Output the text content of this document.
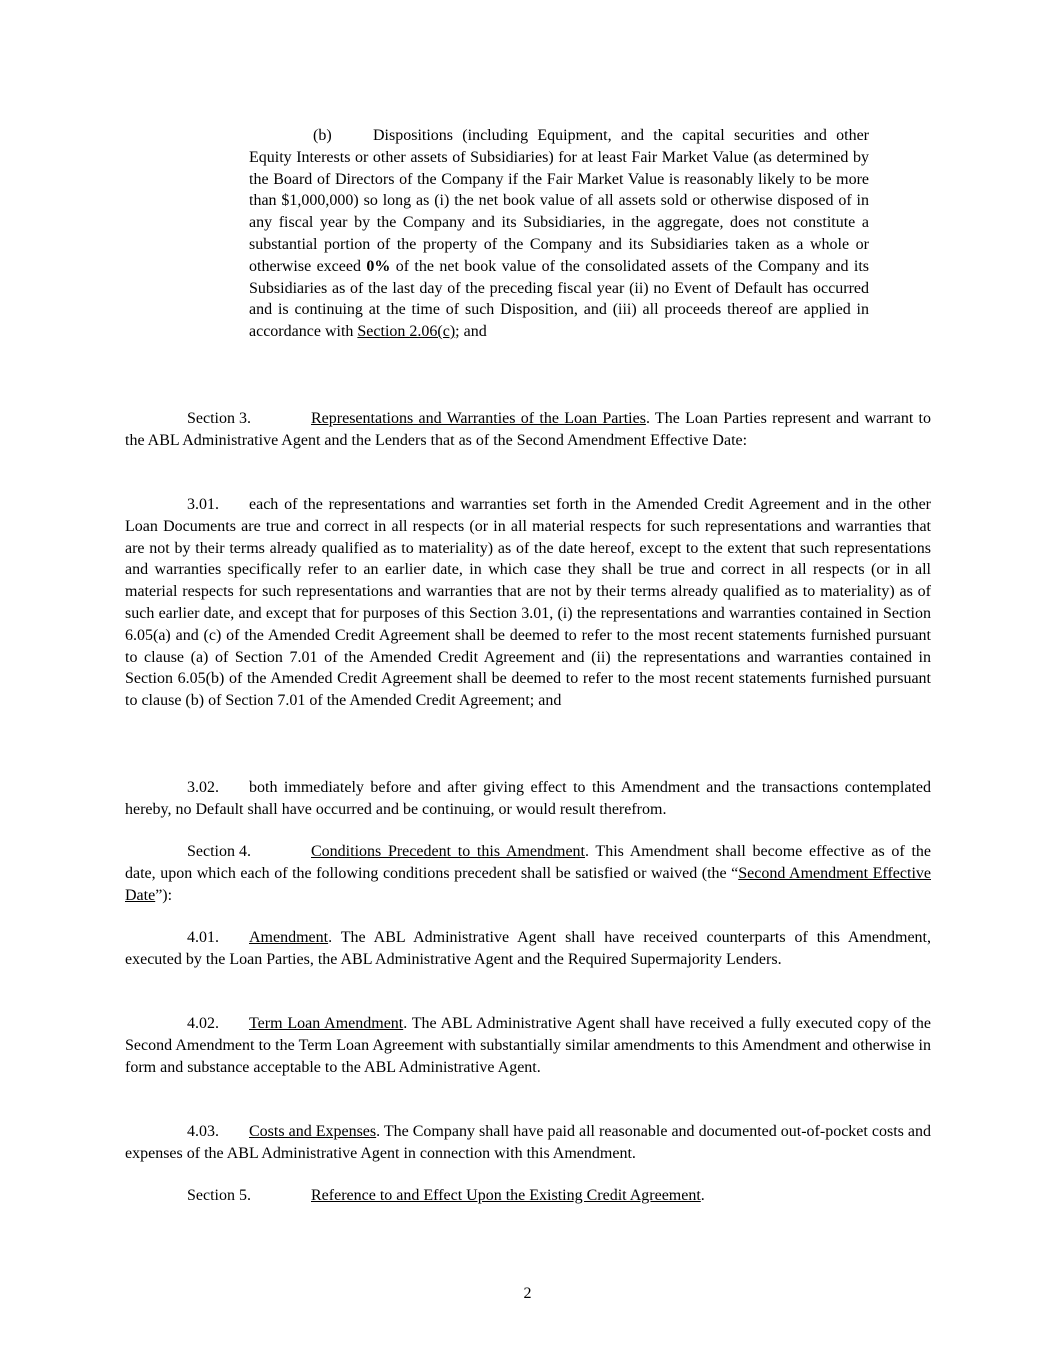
(b)	Dispositions (including Equipment, and the capital securities and other Equity Interests or other assets of Subsidiaries) for at least Fair Market Value (as determined by the Board of Directors of the Company if the Fair Market Value is reasonably likely to be more than $1,000,000) so long as (i) the net book value of all assets sold or otherwise disposed of in any fiscal year by the Company and its Subsidiaries, in the aggregate, does not constitute a substantial portion of the property of the Company and its Subsidiaries taken as a whole or otherwise exceed 0% of the net book value of the consolidated assets of the Company and its Subsidiaries as of the last day of the preceding fiscal year (ii) no Event of Default has occurred and is continuing at the time of such Disposition, and (iii) all proceeds thereof are applied in accordance with Section 2.06(c); and

Section 3.	Representations and Warranties of the Loan Parties. The Loan Parties represent and warrant to the ABL Administrative Agent and the Lenders that as of the Second Amendment Effective Date:

3.01. each of the representations and warranties set forth in the Amended Credit Agreement and in the other Loan Documents are true and correct in all respects (or in all material respects for such representations and warranties that are not by their terms already qualified as to materiality) as of the date hereof, except to the extent that such representations and warranties specifically refer to an earlier date, in which case they shall be true and correct in all respects (or in all material respects for such representations and warranties that are not by their terms already qualified as to materiality) as of such earlier date, and except that for purposes of this Section 3.01, (i) the representations and warranties contained in Section 6.05(a) and (c) of the Amended Credit Agreement shall be deemed to refer to the most recent statements furnished pursuant to clause (a) of Section 7.01 of the Amended Credit Agreement and (ii) the representations and warranties contained in Section 6.05(b) of the Amended Credit Agreement shall be deemed to refer to the most recent statements furnished pursuant to clause (b) of Section 7.01 of the Amended Credit Agreement; and

3.02. both immediately before and after giving effect to this Amendment and the transactions contemplated hereby, no Default shall have occurred and be continuing, or would result therefrom.

Section 4.	Conditions Precedent to this Amendment. This Amendment shall become effective as of the date, upon which each of the following conditions precedent shall be satisfied or waived (the “Second Amendment Effective Date”):

4.01. Amendment. The ABL Administrative Agent shall have received counterparts of this Amendment, executed by the Loan Parties, the ABL Administrative Agent and the Required Supermajority Lenders.

4.02. Term Loan Amendment. The ABL Administrative Agent shall have received a fully executed copy of the Second Amendment to the Term Loan Agreement with substantially similar amendments to this Amendment and otherwise in form and substance acceptable to the ABL Administrative Agent.

4.03. Costs and Expenses. The Company shall have paid all reasonable and documented out-of-pocket costs and expenses of the ABL Administrative Agent in connection with this Amendment.

Section 5.	Reference to and Effect Upon the Existing Credit Agreement.

2
